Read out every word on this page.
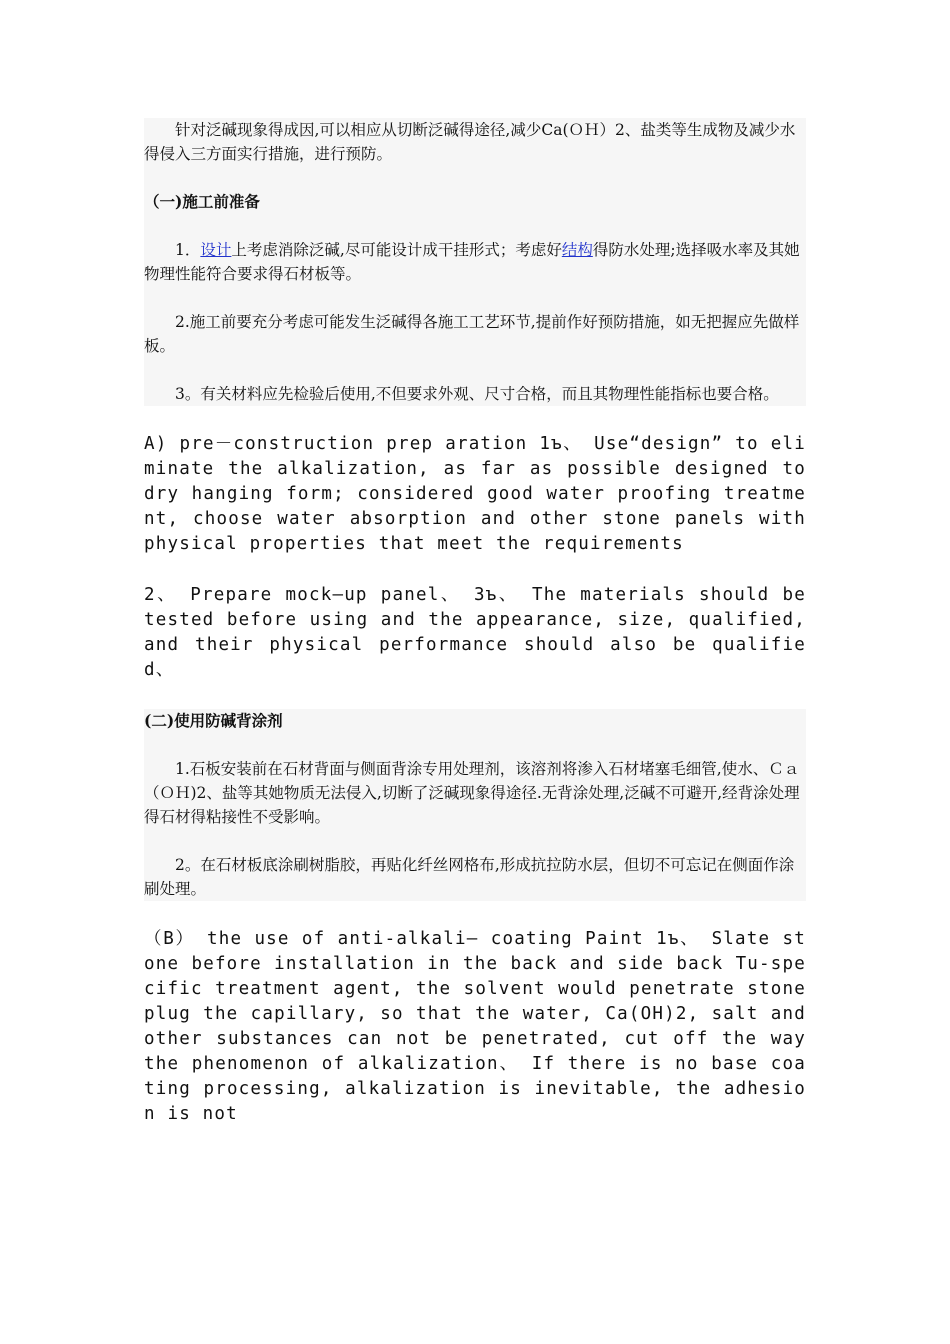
针对泛碱现象得成因,可以相应从切断泛碱得途径,减少Ca(ＯＨ）2、盐类等生成物及减少水得侵入三方面实行措施，进行预防。

（一)施工前准备

1．设计上考虑消除泛碱,尽可能设计成干挂形式；考虑好结构得防水处理;选择吸水率及其她物理性能符合要求得石材板等。

2.施工前要充分考虑可能发生泛碱得各施工工艺环节,提前作好预防措施，如无把握应先做样板。

3。有关材料应先检验后使用,不但要求外观、尺寸合格，而且其物理性能指标也要合格。

A) pre－construction prep aration 1ъ、 Use“design” to eliminate the alkalization, as far as possible designed to dry hanging form; considered good water proofing treatment, choose water absorption and other stone panels with physical properties that meet the requirements

2、 Prepare mock—up panel、 3ъ、 The materials should be tested before using and the appearance, size, qualified, and their physical performance should also be qualified、

(二)使用防碱背涂剂

1.石板安装前在石材背面与侧面背涂专用处理剂，该溶剂将渗入石材堵塞毛细管,使水、Ｃａ（ＯＨ)2、盐等其她物质无法侵入,切断了泛碱现象得途径.无背涂处理,泛碱不可避开,经背涂处理得石材得粘接性不受影响。

2。在石材板底涂刷树脂胶，再贴化纤丝网格布,形成抗拉防水层，但切不可忘记在侧面作涂刷处理。

（B） the use of anti-alkali— coating Paint 1ъ、 Slate stone before installation in the back and side back Tu-specific treatment agent, the solvent would penetrate stone plug the capillary, so that the water, Ca(OH)2, salt and other substances can not be penetrated, cut off the way the phenomenon of alkalization、 If there is no base coating processing, alkalization is inevitable, the adhesion is not
